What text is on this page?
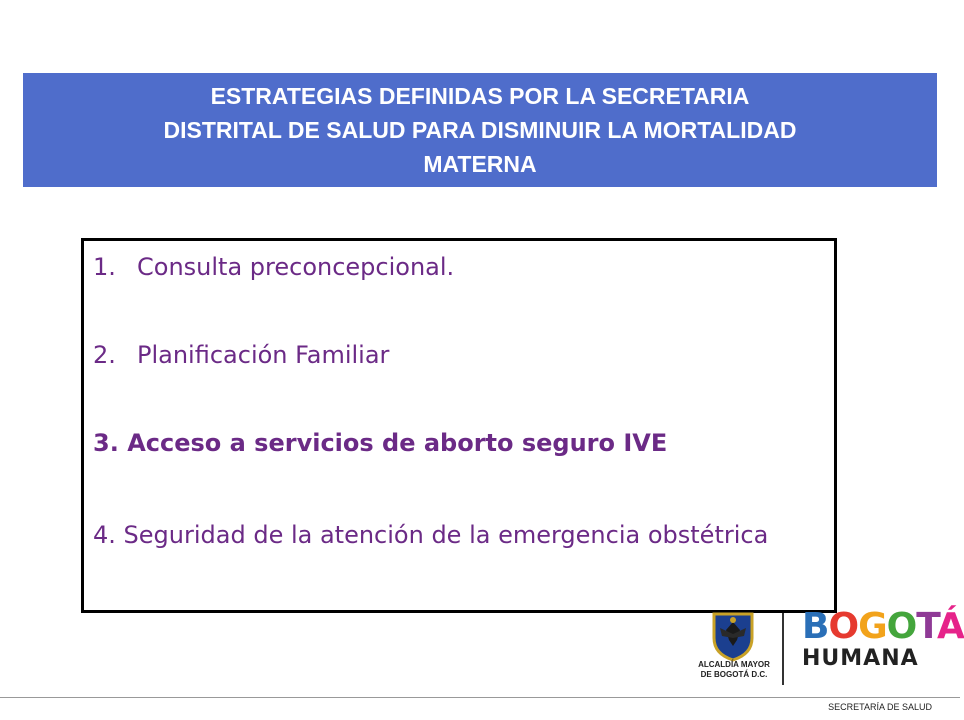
ESTRATEGIAS DEFINIDAS POR LA SECRETARIA
DISTRITAL DE SALUD PARA DISMINUIR LA MORTALIDAD
MATERNA
1. Consulta preconcepcional.
2. Planificación Familiar
3. Acceso a servicios de aborto seguro IVE
4. Seguridad de la atención de la emergencia obstétrica
ALCALDÍA MAYOR
DE BOGOTÁ D.C.
BOGOTÁ
HUMANA
SECRETARÍA DE SALUD
